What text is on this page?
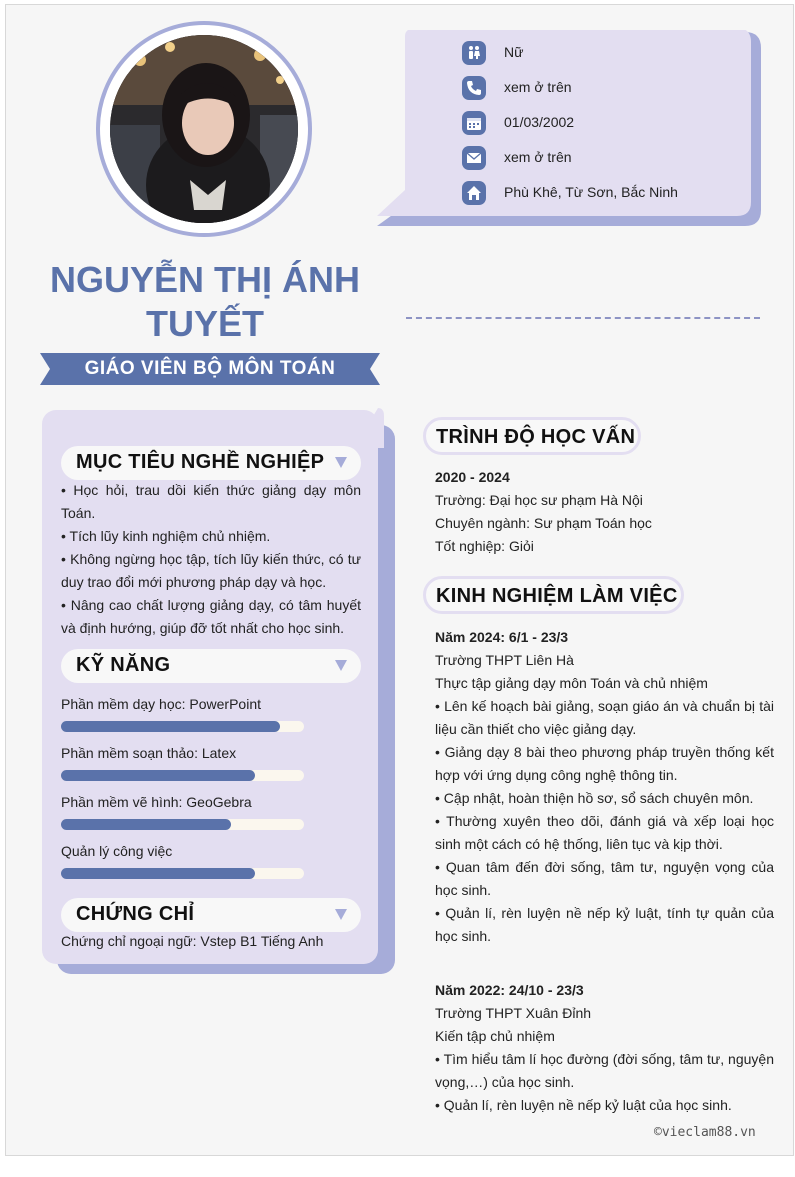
NGUYỄN THỊ ÁNH TUYẾT
GIÁO VIÊN BỘ MÔN TOÁN
Nữ
xem ở trên
01/03/2002
xem ở trên
Phù Khê, Từ Sơn, Bắc Ninh
MỤC TIÊU NGHỀ NGHIỆP
• Học hỏi, trau dồi kiến thức giảng dạy môn Toán.
• Tích lũy kinh nghiệm chủ nhiệm.
• Không ngừng học tập, tích lũy kiến thức, có tư duy trao đổi mới phương pháp dạy và học.
• Nâng cao chất lượng giảng dạy, có tâm huyết và định hướng, giúp đỡ tốt nhất cho học sinh.
KỸ NĂNG
Phần mềm dạy học: PowerPoint
Phần mềm soạn thảo: Latex
Phần mềm vẽ hình: GeoGebra
Quản lý công việc
CHỨNG CHỈ
Chứng chỉ ngoại ngữ: Vstep B1 Tiếng Anh
TRÌNH ĐỘ HỌC VẤN
2020 - 2024
Trường: Đại học sư phạm Hà Nội
Chuyên ngành: Sư phạm Toán học
Tốt nghiệp: Giỏi
KINH NGHIỆM LÀM VIỆC
Năm 2024: 6/1 - 23/3
Trường THPT Liên Hà
Thực tập giảng dạy môn Toán và chủ nhiệm
• Lên kế hoạch bài giảng, soạn giáo án và chuẩn bị tài liệu cần thiết cho việc giảng dạy.
• Giảng dạy 8 bài theo phương pháp truyền thống kết hợp với ứng dụng công nghệ thông tin.
• Cập nhật, hoàn thiện hồ sơ, sổ sách chuyên môn.
• Thường xuyên theo dõi, đánh giá và xếp loại học sinh một cách có hệ thống, liên tục và kịp thời.
• Quan tâm đến đời sống, tâm tư, nguyện vọng của học sinh.
• Quản lí, rèn luyện nề nếp kỷ luật, tính tự quản của học sinh.
Năm 2022: 24/10 - 23/3
Trường THPT Xuân Đỉnh
Kiến tập chủ nhiệm
• Tìm hiểu tâm lí học đường (đời sống, tâm tư, nguyện vọng,…) của học sinh.
• Quản lí, rèn luyện nề nếp kỷ luật của học sinh.
©vieclam88.vn
